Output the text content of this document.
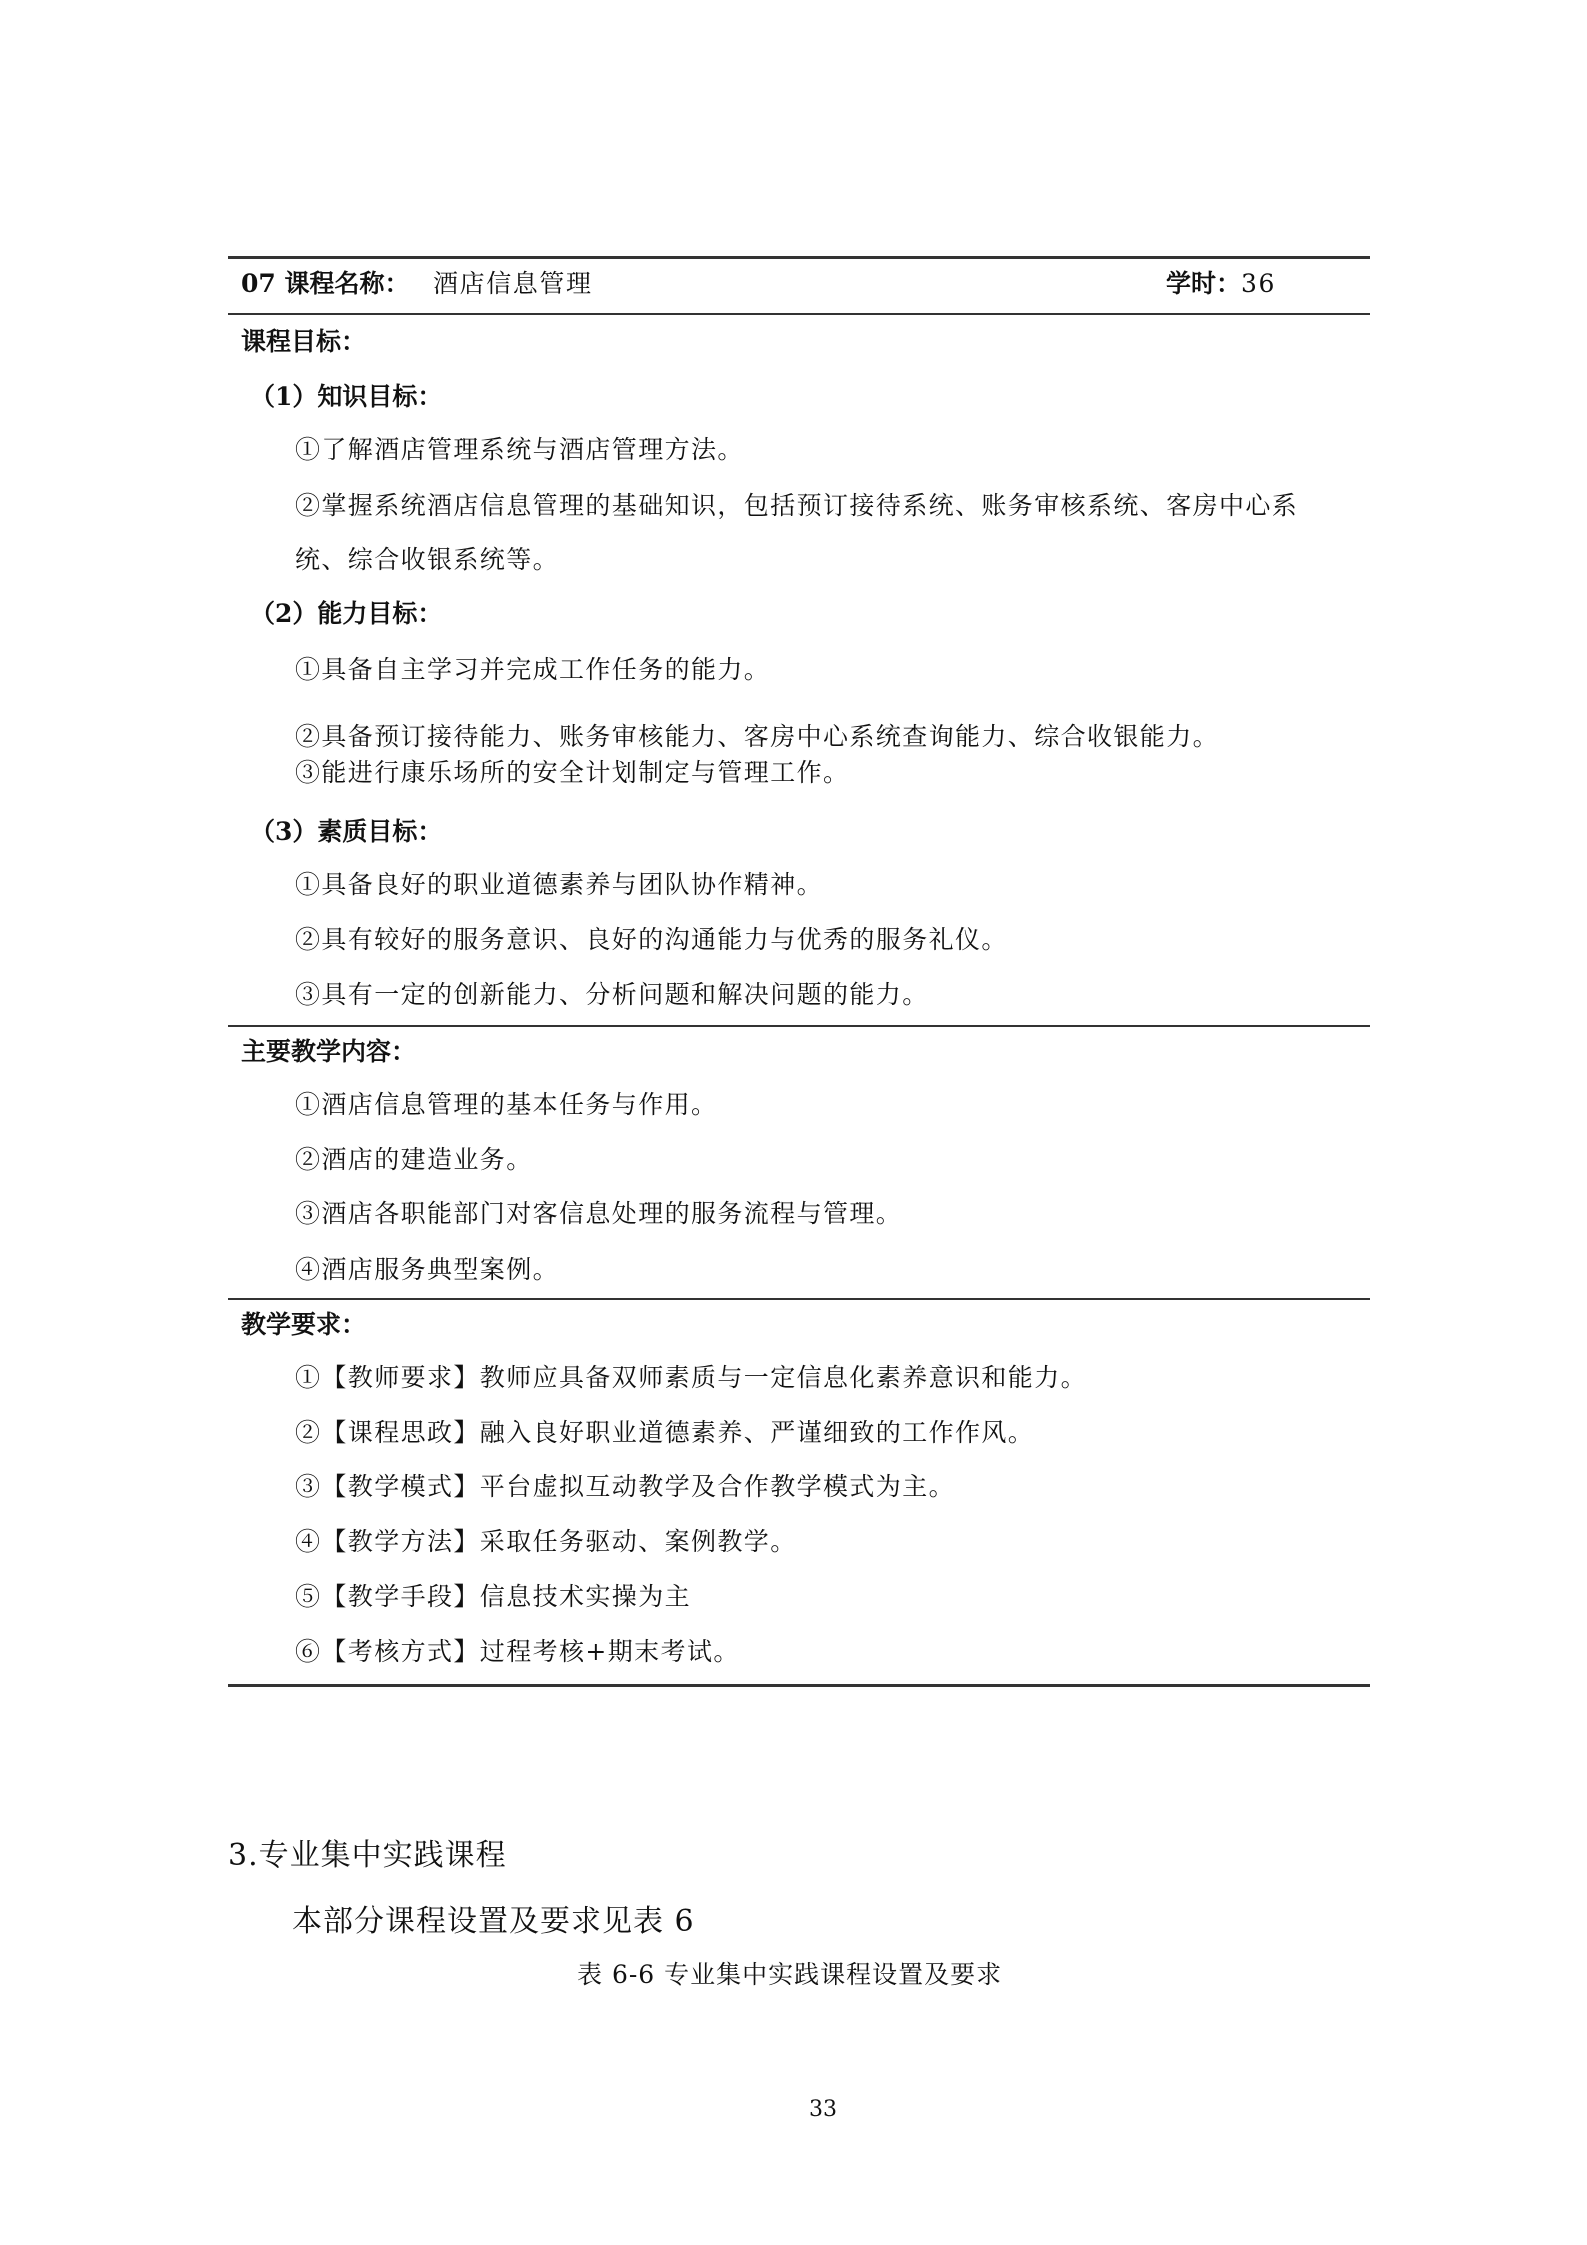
07 课程名称： 酒店信息管理	学时：36
课程目标：
（1）知识目标：
①了解酒店管理系统与酒店管理方法。
②掌握系统酒店信息管理的基础知识，包括预订接待系统、账务审核系统、客房中心系
统、综合收银系统等。
（2）能力目标：
①具备自主学习并完成工作任务的能力。
②具备预订接待能力、账务审核能力、客房中心系统查询能力、综合收银能力。
③能进行康乐场所的安全计划制定与管理工作。
（3）素质目标：
①具备良好的职业道德素养与团队协作精神。
②具有较好的服务意识、良好的沟通能力与优秀的服务礼仪。
③具有一定的创新能力、分析问题和解决问题的能力。
主要教学内容：
①酒店信息管理的基本任务与作用。
②酒店的建造业务。
③酒店各职能部门对客信息处理的服务流程与管理。
④酒店服务典型案例。
教学要求：
①【教师要求】教师应具备双师素质与一定信息化素养意识和能力。
②【课程思政】融入良好职业道德素养、严谨细致的工作作风。
③【教学模式】平台虚拟互动教学及合作教学模式为主。
④【教学方法】采取任务驱动、案例教学。
⑤【教学手段】信息技术实操为主
⑥【考核方式】过程考核+期末考试。
3.专业集中实践课程
本部分课程设置及要求见表 6
表 6-6 专业集中实践课程设置及要求
33
